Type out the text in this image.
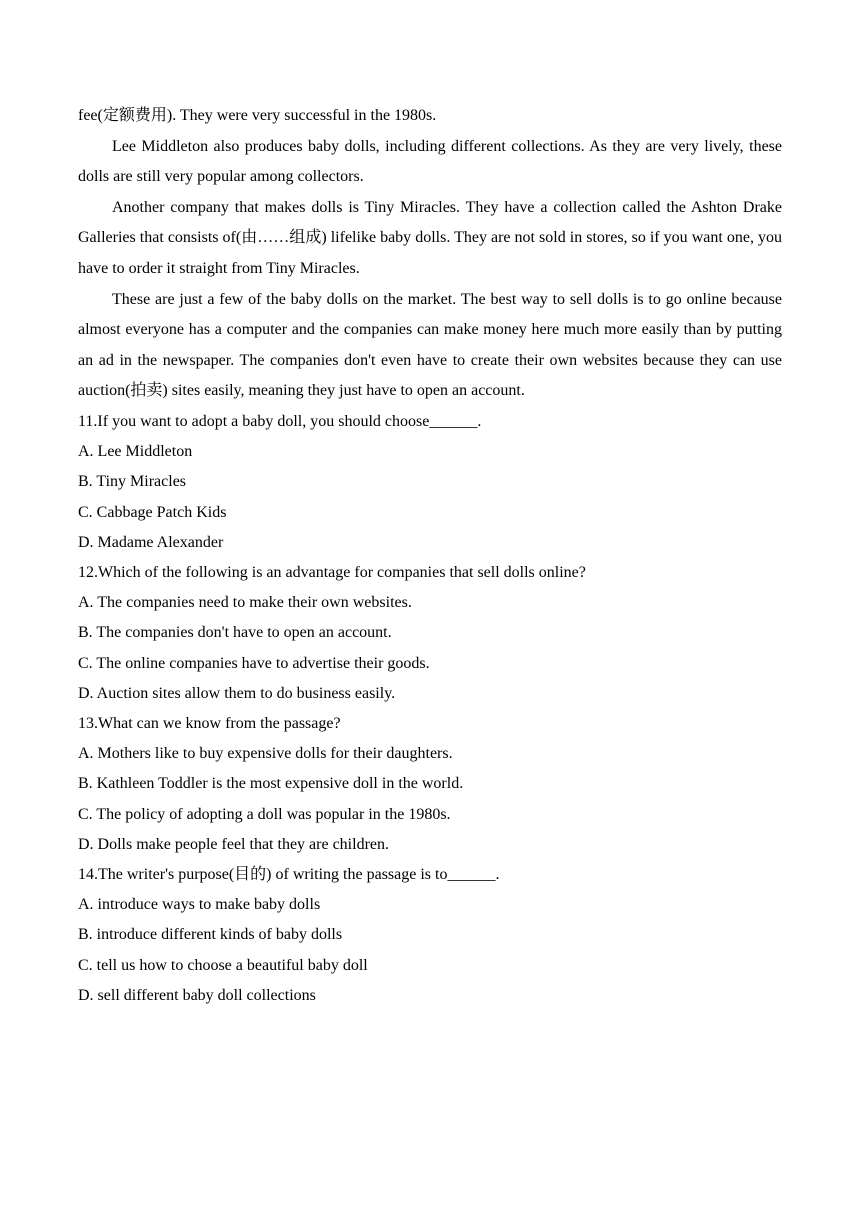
fee(定额费用). They were very successful in the 1980s.

Lee Middleton also produces baby dolls, including different collections. As they are very lively, these dolls are still very popular among collectors.

Another company that makes dolls is Tiny Miracles. They have a collection called the Ashton Drake Galleries that consists of(由……组成) lifelike baby dolls. They are not sold in stores, so if you want one, you have to order it straight from Tiny Miracles.

These are just a few of the baby dolls on the market. The best way to sell dolls is to go online because almost everyone has a computer and the companies can make money here much more easily than by putting an ad in the newspaper. The companies don't even have to create their own websites because they can use auction(拍卖) sites easily, meaning they just have to open an account.

11.If you want to adopt a baby doll, you should choose______.

A. Lee Middleton

B. Tiny Miracles

C. Cabbage Patch Kids

D. Madame Alexander

12.Which of the following is an advantage for companies that sell dolls online?

A. The companies need to make their own websites.

B. The companies don't have to open an account.

C. The online companies have to advertise their goods.

D. Auction sites allow them to do business easily.

13.What can we know from the passage?

A. Mothers like to buy expensive dolls for their daughters.

B. Kathleen Toddler is the most expensive doll in the world.

C. The policy of adopting a doll was popular in the 1980s.

D. Dolls make people feel that they are children.

14.The writer's purpose(目的) of writing the passage is to______.

A. introduce ways to make baby dolls

B. introduce different kinds of baby dolls

C. tell us how to choose a beautiful baby doll

D. sell different baby doll collections
